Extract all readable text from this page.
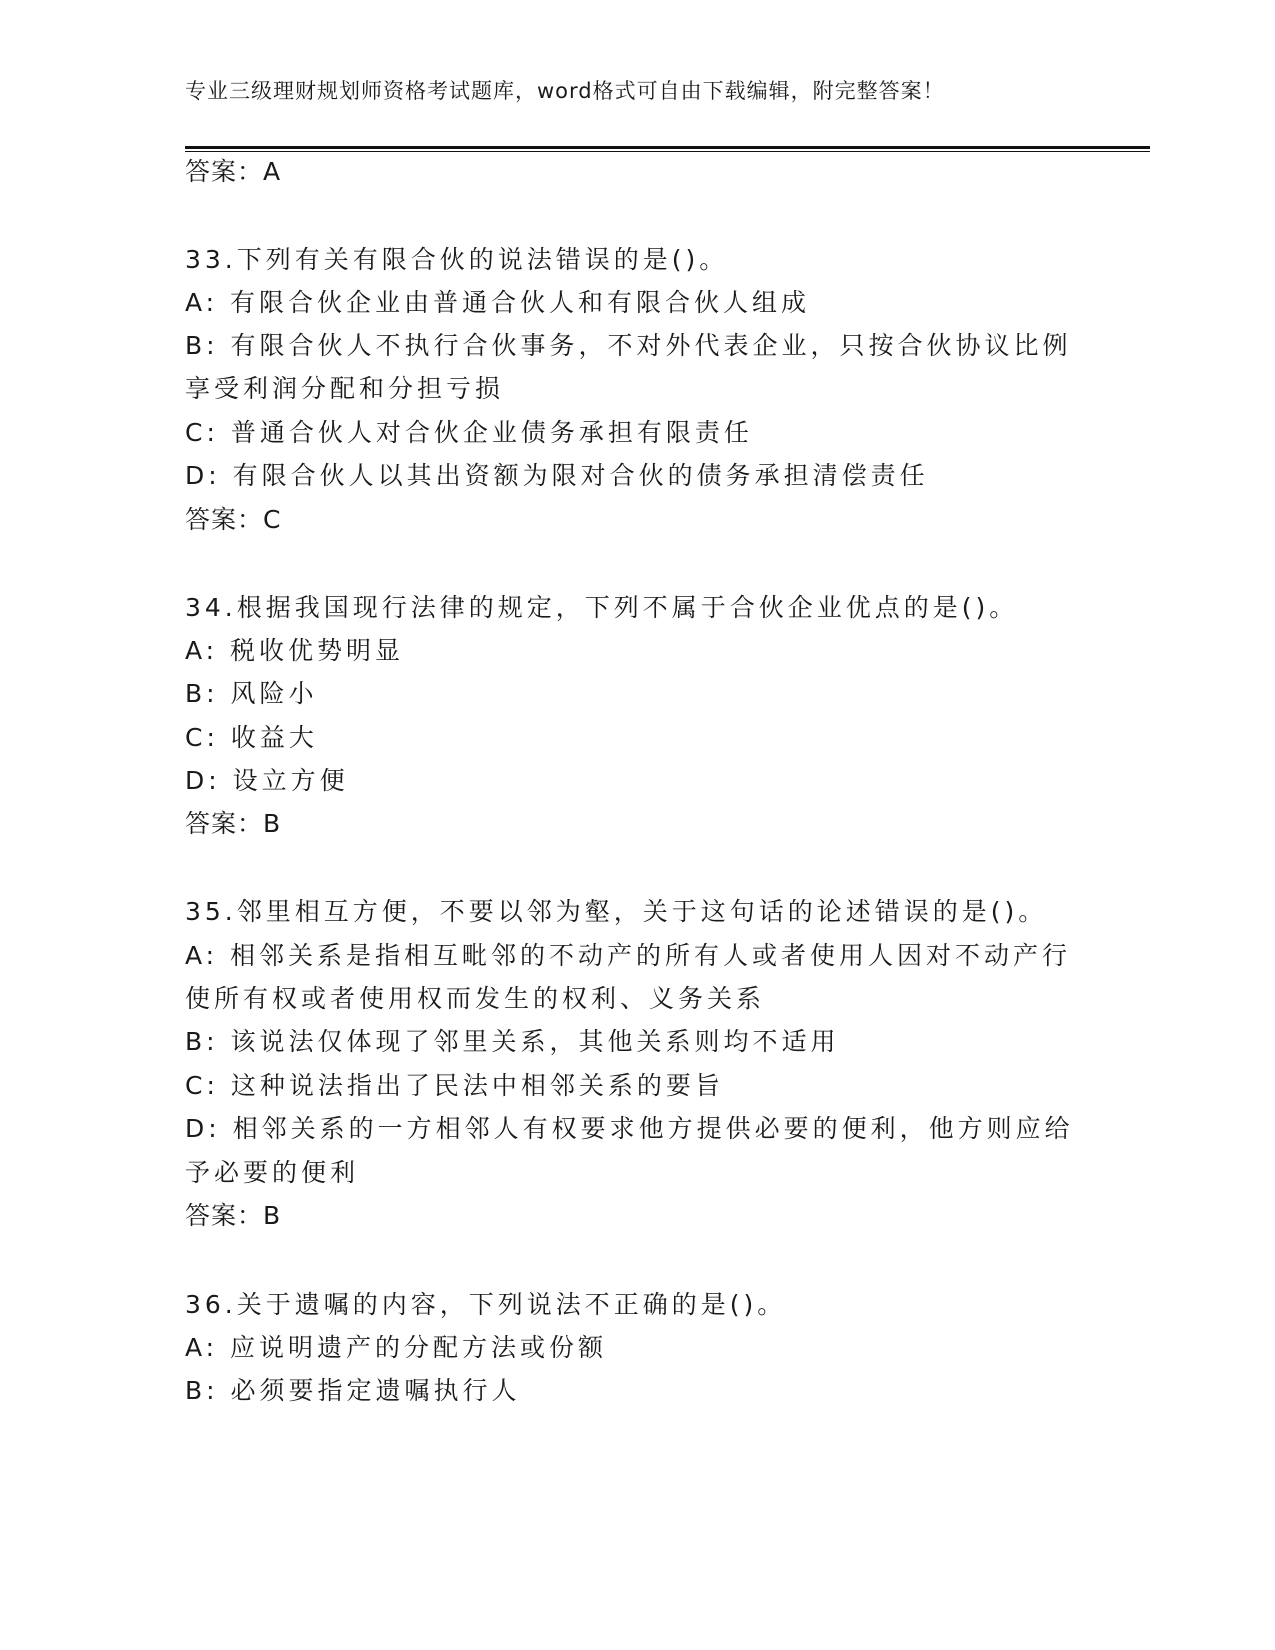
专业三级理财规划师资格考试题库，word格式可自由下载编辑，附完整答案！
答案：A
33.下列有关有限合伙的说法错误的是()。
A: 有限合伙企业由普通合伙人和有限合伙人组成
B: 有限合伙人不执行合伙事务，不对外代表企业，只按合伙协议比例
享受利润分配和分担亏损
C: 普通合伙人对合伙企业债务承担有限责任
D: 有限合伙人以其出资额为限对合伙的债务承担清偿责任
答案：C
34.根据我国现行法律的规定，下列不属于合伙企业优点的是()。
A: 税收优势明显
B: 风险小
C: 收益大
D: 设立方便
答案：B
35.邻里相互方便，不要以邻为壑，关于这句话的论述错误的是()。
A: 相邻关系是指相互毗邻的不动产的所有人或者使用人因对不动产行
使所有权或者使用权而发生的权利、义务关系
B: 该说法仅体现了邻里关系，其他关系则均不适用
C: 这种说法指出了民法中相邻关系的要旨
D: 相邻关系的一方相邻人有权要求他方提供必要的便利，他方则应给
予必要的便利
答案：B
36.关于遗嘱的内容，下列说法不正确的是()。
A: 应说明遗产的分配方法或份额
B: 必须要指定遗嘱执行人
